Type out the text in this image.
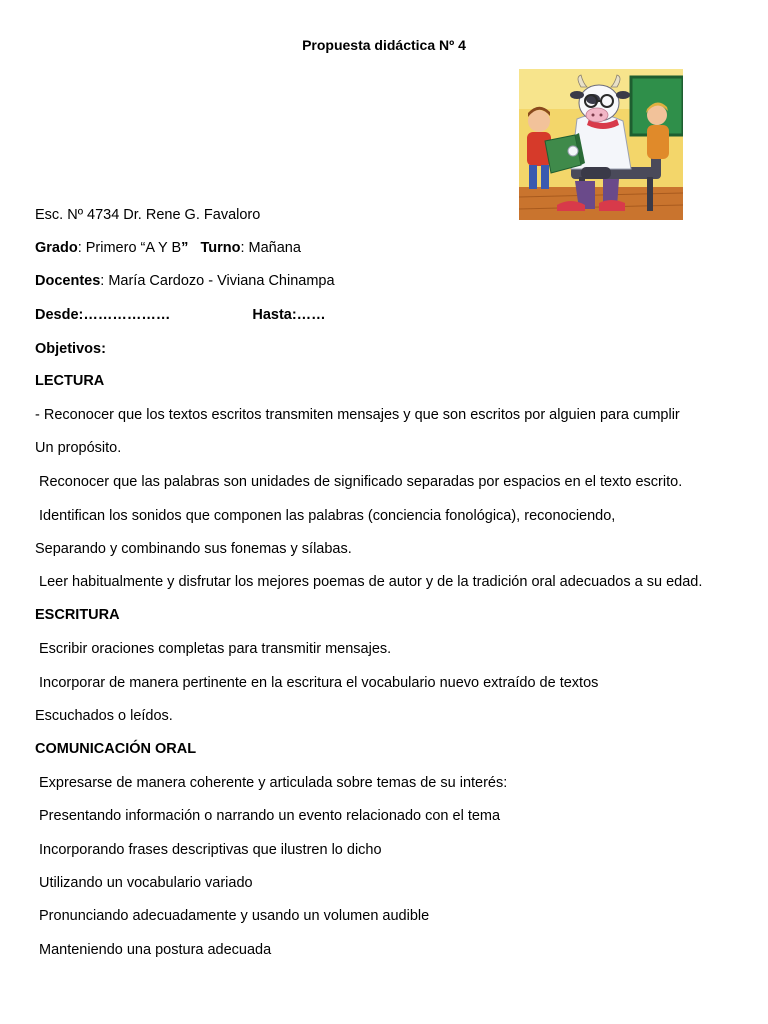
Propuesta didáctica Nº 4
Esc. Nº 4734 Dr. Rene G. Favaloro
Grado: Primero “A Y B” Turno: Mañana
Docentes: María Cardozo - Viviana Chinampa
Desde:………………	Hasta:……
Objetivos:
LECTURA
- Reconocer que los textos escritos transmiten mensajes y que son escritos por alguien para cumplir
Un propósito.
Reconocer que las palabras son unidades de significado separadas por espacios en el texto escrito.
Identifican los sonidos que componen las palabras (conciencia fonológica), reconociendo,
Separando y combinando sus fonemas y sílabas.
Leer habitualmente y disfrutar los mejores poemas de autor y de la tradición oral adecuados a su edad.
ESCRITURA
Escribir oraciones completas para transmitir mensajes.
Incorporar de manera pertinente en la escritura el vocabulario nuevo extraído de textos
Escuchados o leídos.
COMUNICACIÓN ORAL
Expresarse de manera coherente y articulada sobre temas de su interés:
Presentando información o narrando un evento relacionado con el tema
Incorporando frases descriptivas que ilustren lo dicho
Utilizando un vocabulario variado
Pronunciando adecuadamente y usando un volumen audible
Manteniendo una postura adecuada
